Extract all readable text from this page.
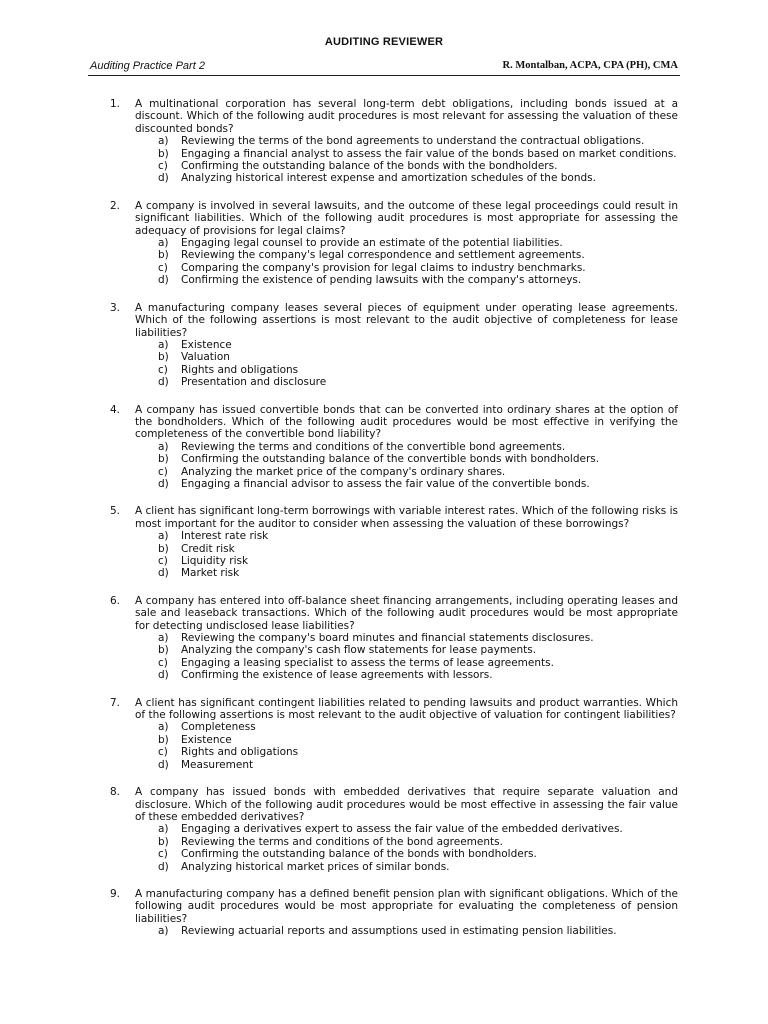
AUDITING REVIEWER
Auditing Practice Part 2	R. Montalban, ACPA, CPA (PH), CMA
1.	A multinational corporation has several long-term debt obligations, including bonds issued at a discount. Which of the following audit procedures is most relevant for assessing the valuation of these discounted bonds?
a)	Reviewing the terms of the bond agreements to understand the contractual obligations.
b)	Engaging a financial analyst to assess the fair value of the bonds based on market conditions.
c)	Confirming the outstanding balance of the bonds with the bondholders.
d)	Analyzing historical interest expense and amortization schedules of the bonds.
2.	A company is involved in several lawsuits, and the outcome of these legal proceedings could result in significant liabilities. Which of the following audit procedures is most appropriate for assessing the adequacy of provisions for legal claims?
a)	Engaging legal counsel to provide an estimate of the potential liabilities.
b)	Reviewing the company's legal correspondence and settlement agreements.
c)	Comparing the company's provision for legal claims to industry benchmarks.
d)	Confirming the existence of pending lawsuits with the company's attorneys.
3.	A manufacturing company leases several pieces of equipment under operating lease agreements. Which of the following assertions is most relevant to the audit objective of completeness for lease liabilities?
a)	Existence
b)	Valuation
c)	Rights and obligations
d)	Presentation and disclosure
4.	A company has issued convertible bonds that can be converted into ordinary shares at the option of the bondholders. Which of the following audit procedures would be most effective in verifying the completeness of the convertible bond liability?
a)	Reviewing the terms and conditions of the convertible bond agreements.
b)	Confirming the outstanding balance of the convertible bonds with bondholders.
c)	Analyzing the market price of the company's ordinary shares.
d)	Engaging a financial advisor to assess the fair value of the convertible bonds.
5.	A client has significant long-term borrowings with variable interest rates. Which of the following risks is most important for the auditor to consider when assessing the valuation of these borrowings?
a)	Interest rate risk
b)	Credit risk
c)	Liquidity risk
d)	Market risk
6.	A company has entered into off-balance sheet financing arrangements, including operating leases and sale and leaseback transactions. Which of the following audit procedures would be most appropriate for detecting undisclosed lease liabilities?
a)	Reviewing the company's board minutes and financial statements disclosures.
b)	Analyzing the company's cash flow statements for lease payments.
c)	Engaging a leasing specialist to assess the terms of lease agreements.
d)	Confirming the existence of lease agreements with lessors.
7.	A client has significant contingent liabilities related to pending lawsuits and product warranties. Which of the following assertions is most relevant to the audit objective of valuation for contingent liabilities?
a)	Completeness
b)	Existence
c)	Rights and obligations
d)	Measurement
8.	A company has issued bonds with embedded derivatives that require separate valuation and disclosure. Which of the following audit procedures would be most effective in assessing the fair value of these embedded derivatives?
a)	Engaging a derivatives expert to assess the fair value of the embedded derivatives.
b)	Reviewing the terms and conditions of the bond agreements.
c)	Confirming the outstanding balance of the bonds with bondholders.
d)	Analyzing historical market prices of similar bonds.
9.	A manufacturing company has a defined benefit pension plan with significant obligations. Which of the following audit procedures would be most appropriate for evaluating the completeness of pension liabilities?
a)	Reviewing actuarial reports and assumptions used in estimating pension liabilities.
